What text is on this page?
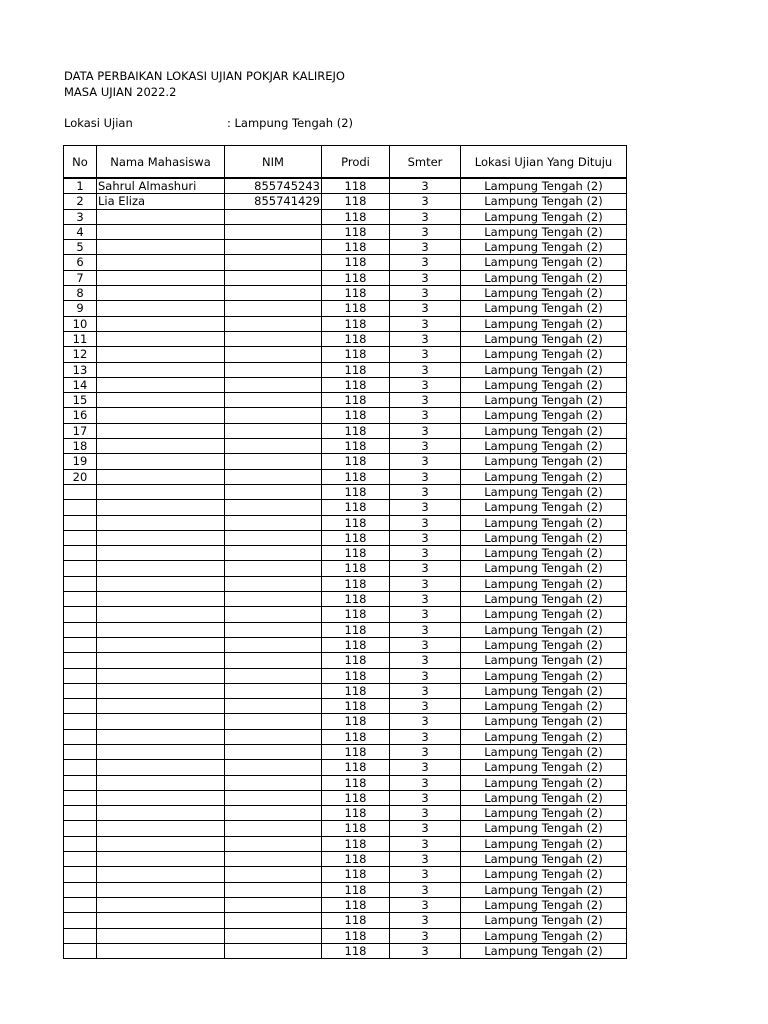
DATA PERBAIKAN LOKASI UJIAN POKJAR KALIREJO
MASA UJIAN 2022.2
Lokasi Ujian	: Lampung Tengah (2)
No	Nama Mahasiswa	NIM	Prodi	Smter	Lokasi Ujian Yang Dituju
1	Sahrul Almashuri	855745243	118	3	Lampung Tengah (2)
2	Lia Eliza	855741429	118	3	Lampung Tengah (2)
3			118	3	Lampung Tengah (2)
4			118	3	Lampung Tengah (2)
5			118	3	Lampung Tengah (2)
6			118	3	Lampung Tengah (2)
7			118	3	Lampung Tengah (2)
8			118	3	Lampung Tengah (2)
9			118	3	Lampung Tengah (2)
10			118	3	Lampung Tengah (2)
11			118	3	Lampung Tengah (2)
12			118	3	Lampung Tengah (2)
13			118	3	Lampung Tengah (2)
14			118	3	Lampung Tengah (2)
15			118	3	Lampung Tengah (2)
16			118	3	Lampung Tengah (2)
17			118	3	Lampung Tengah (2)
18			118	3	Lampung Tengah (2)
19			118	3	Lampung Tengah (2)
20			118	3	Lampung Tengah (2)
			118	3	Lampung Tengah (2)
			118	3	Lampung Tengah (2)
			118	3	Lampung Tengah (2)
			118	3	Lampung Tengah (2)
			118	3	Lampung Tengah (2)
			118	3	Lampung Tengah (2)
			118	3	Lampung Tengah (2)
			118	3	Lampung Tengah (2)
			118	3	Lampung Tengah (2)
			118	3	Lampung Tengah (2)
			118	3	Lampung Tengah (2)
			118	3	Lampung Tengah (2)
			118	3	Lampung Tengah (2)
			118	3	Lampung Tengah (2)
			118	3	Lampung Tengah (2)
			118	3	Lampung Tengah (2)
			118	3	Lampung Tengah (2)
			118	3	Lampung Tengah (2)
			118	3	Lampung Tengah (2)
			118	3	Lampung Tengah (2)
			118	3	Lampung Tengah (2)
			118	3	Lampung Tengah (2)
			118	3	Lampung Tengah (2)
			118	3	Lampung Tengah (2)
			118	3	Lampung Tengah (2)
			118	3	Lampung Tengah (2)
			118	3	Lampung Tengah (2)
			118	3	Lampung Tengah (2)
			118	3	Lampung Tengah (2)
			118	3	Lampung Tengah (2)
			118	3	Lampung Tengah (2)
